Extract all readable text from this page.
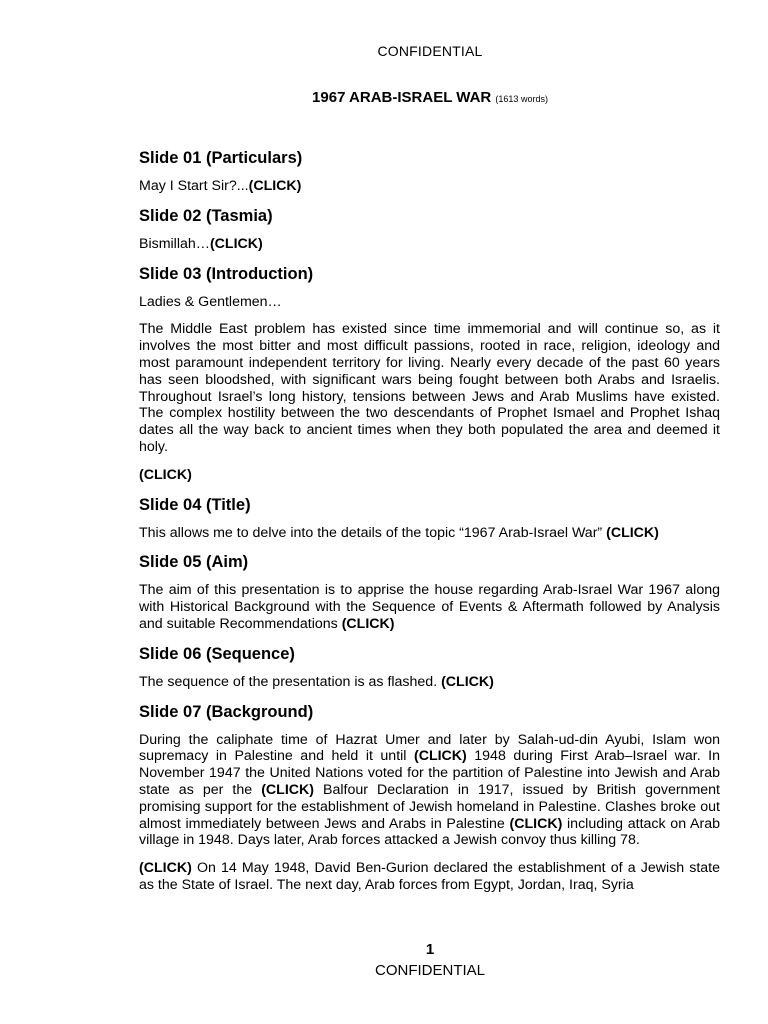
CONFIDENTIAL
1967 ARAB-ISRAEL WAR (1613 words)
Slide 01 (Particulars)

May I Start Sir?...(CLICK)

Slide 02 (Tasmia)

Bismillah…(CLICK)

Slide 03 (Introduction)

Ladies & Gentlemen…

The Middle East problem has existed since time immemorial and will continue so, as it involves the most bitter and most difficult passions, rooted in race, religion, ideology and most paramount independent territory for living. Nearly every decade of the past 60 years has seen bloodshed, with significant wars being fought between both Arabs and Israelis. Throughout Israel’s long history, tensions between Jews and Arab Muslims have existed. The complex hostility between the two descendants of Prophet Ismael and Prophet Ishaq dates all the way back to ancient times when they both populated the area and deemed it holy.

(CLICK)

Slide 04 (Title)

This allows me to delve into the details of the topic “1967 Arab-Israel War” (CLICK)

Slide 05 (Aim)

The aim of this presentation is to apprise the house regarding Arab-Israel War 1967 along with Historical Background with the Sequence of Events & Aftermath followed by Analysis and suitable Recommendations (CLICK)

Slide 06 (Sequence)

The sequence of the presentation is as flashed. (CLICK)

Slide 07 (Background)

During the caliphate time of Hazrat Umer and later by Salah-ud-din Ayubi, Islam won supremacy in Palestine and held it until (CLICK) 1948 during First Arab–Israel war. In November 1947 the United Nations voted for the partition of Palestine into Jewish and Arab state as per the (CLICK) Balfour Declaration in 1917, issued by British government promising support for the establishment of Jewish homeland in Palestine. Clashes broke out almost immediately between Jews and Arabs in Palestine (CLICK) including attack on Arab village in 1948. Days later, Arab forces attacked a Jewish convoy thus killing 78.

(CLICK) On 14 May 1948, David Ben-Gurion declared the establishment of a Jewish state as the State of Israel. The next day, Arab forces from Egypt, Jordan, Iraq, Syria

1
CONFIDENTIAL
